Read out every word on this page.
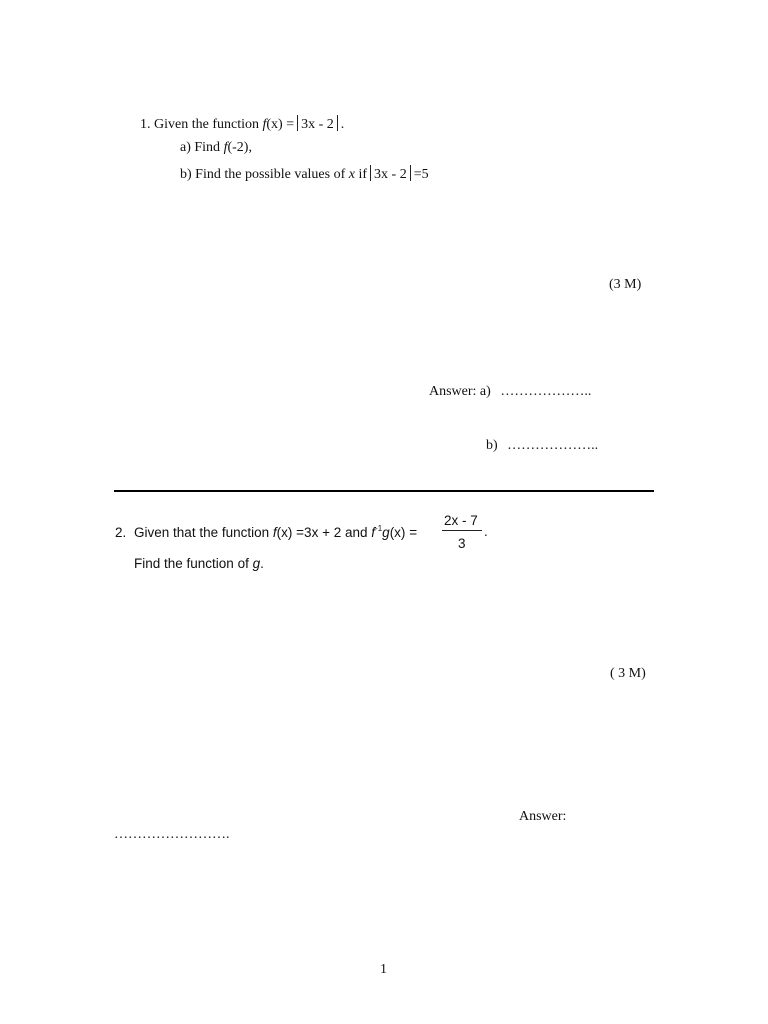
1. Given the function f(x) = 3x - 2 .
a) Find f(-2),
b) Find the possible values of x if 3x - 2 =5
(3 M)
Answer: a) ………………..
b) ………………..
2. Given that the function f(x) =3x + 2 and $f^{-1}g(x)$ =
2x - 7
3
.
Find the function of g.
( 3 M)
Answer:
…………………….
1
